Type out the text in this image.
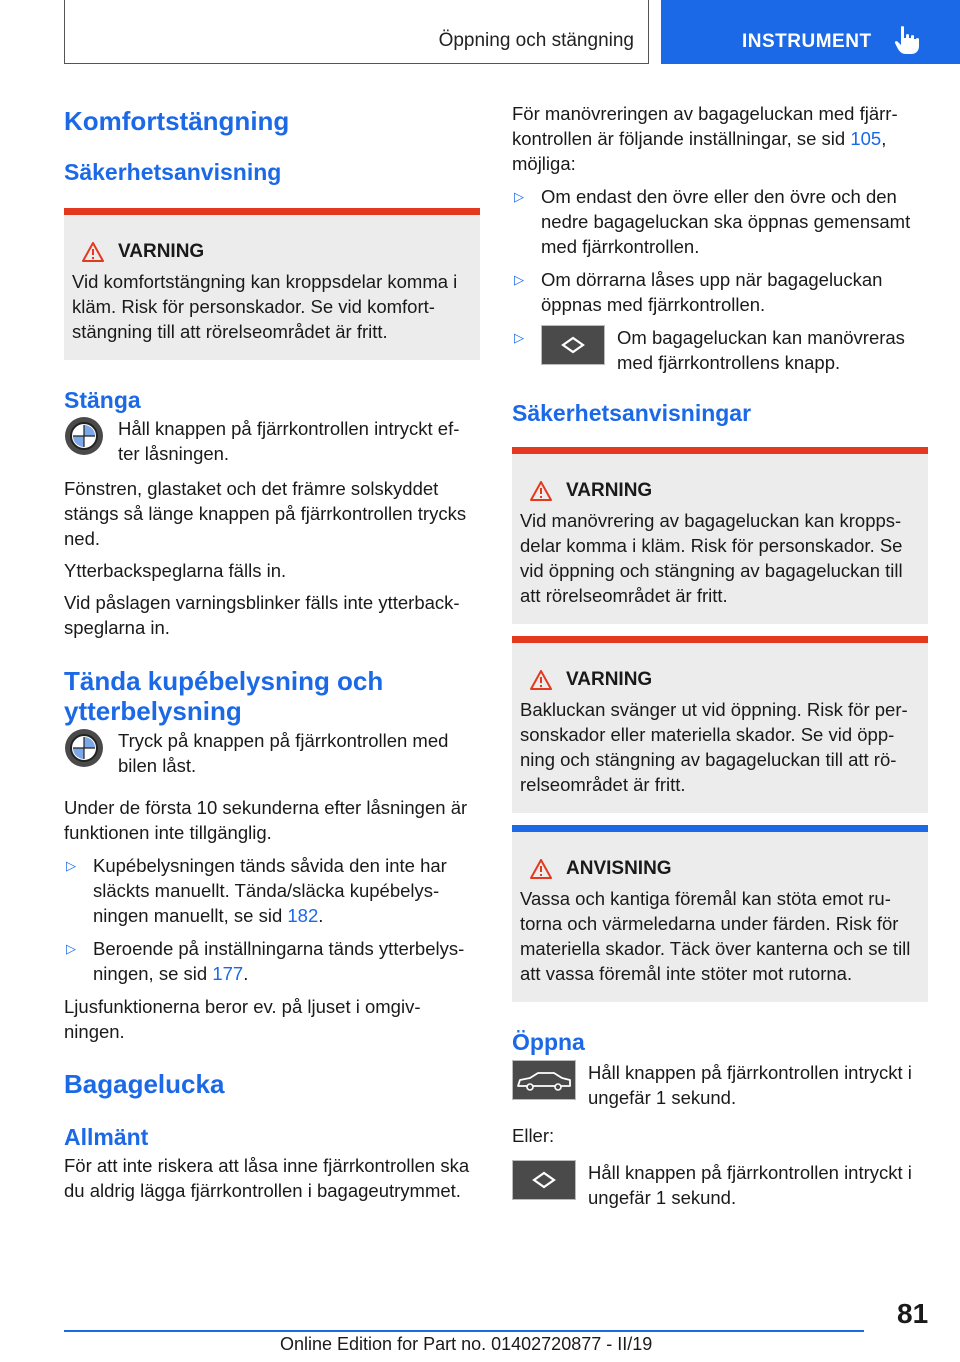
Öppning och stängning	INSTRUMENT
Komfortstängning
Säkerhetsanvisning
VARNING
Vid komfortstängning kan kroppsdelar komma i
kläm. Risk för personskador. Se vid komfort-
stängning till att rörelseområdet är fritt.
Stänga
Håll knappen på fjärrkontrollen intryckt ef-
ter låsningen.
Fönstren, glastaket och det främre solskyddet
stängs så länge knappen på fjärrkontrollen trycks
ned.
Ytterbackspeglarna fälls in.
Vid påslagen varningsblinker fälls inte ytterback-
speglarna in.
Tända kupébelysning och
ytterbelysning
Tryck på knappen på fjärrkontrollen med
bilen låst.
Under de första 10 sekunderna efter låsningen är
funktionen inte tillgänglig.
▷ Kupébelysningen tänds såvida den inte har
släckts manuellt. Tända/släcka kupébelys-
ningen manuellt, se sid 182.
▷ Beroende på inställningarna tänds ytterbelys-
ningen, se sid 177.
Ljusfunktionerna beror ev. på ljuset i omgiv-
ningen.
Bagagelucka
Allmänt
För att inte riskera att låsa inne fjärrkontrollen ska
du aldrig lägga fjärrkontrollen i bagageutrymmet.
För manövreringen av bagageluckan med fjärr-
kontrollen är följande inställningar, se sid 105,
möjliga:
▷ Om endast den övre eller den övre och den
nedre bagageluckan ska öppnas gemensamt
med fjärrkontrollen.
▷ Om dörrarna låses upp när bagageluckan
öppnas med fjärrkontrollen.
▷	Om bagageluckan kan manövreras
med fjärrkontrollens knapp.
Säkerhetsanvisningar
VARNING
Vid manövrering av bagageluckan kan kropps-
delar komma i kläm. Risk för personskador. Se
vid öppning och stängning av bagageluckan till
att rörelseområdet är fritt.
VARNING
Bakluckan svänger ut vid öppning. Risk för per-
sonskador eller materiella skador. Se vid öpp-
ning och stängning av bagageluckan till att rö-
relseområdet är fritt.
ANVISNING
Vassa och kantiga föremål kan stöta emot ru-
torna och värmeledarna under färden. Risk för
materiella skador. Täck över kanterna och se till
att vassa föremål inte stöter mot rutorna.
Öppna
Håll knappen på fjärrkontrollen intryckt i
ungefär 1 sekund.
Eller:
Håll knappen på fjärrkontrollen intryckt i
ungefär 1 sekund.
81
Online Edition for Part no. 01402720877 - II/19
